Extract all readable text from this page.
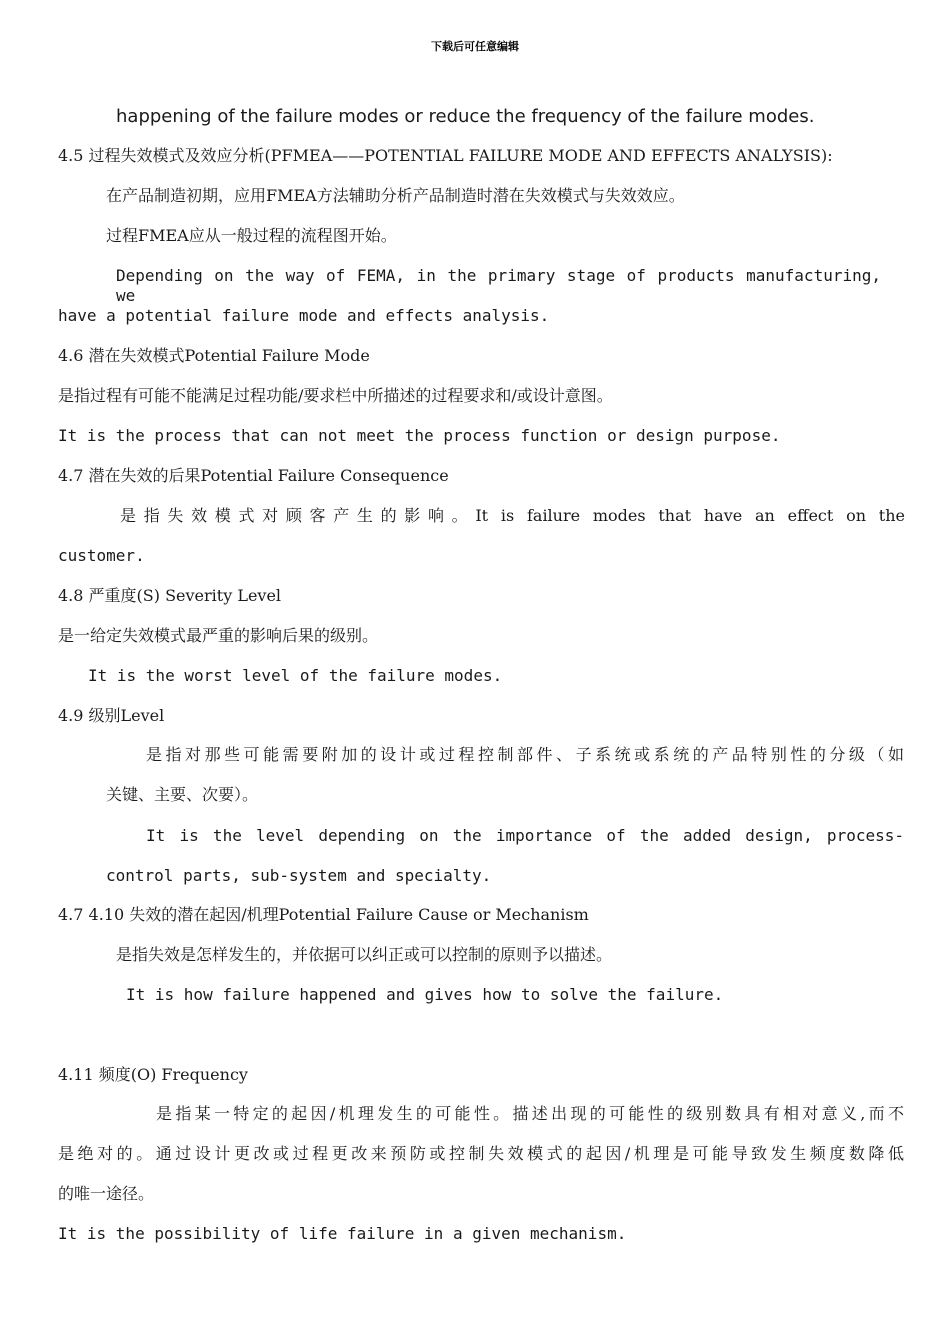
下载后可任意编辑
happening of the failure modes or reduce the frequency of the failure modes.
4.5 过程失效模式及效应分析(PFMEA——POTENTIAL FAILURE MODE AND EFFECTS ANALYSIS):
在产品制造初期，应用FMEA方法辅助分析产品制造时潜在失效模式与失效效应。
过程FMEA应从一般过程的流程图开始。
Depending on the way of FEMA, in the primary stage of products manufacturing, we
have a potential failure mode and effects analysis.
4.6 潜在失效模式Potential Failure Mode
是指过程有可能不能满足过程功能/要求栏中所描述的过程要求和/或设计意图。
It is the process that can not meet the process function or design purpose.
4.7 潜在失效的后果Potential Failure Consequence
是指失效模式对顾客产生的影响。It is failure modes that have an effect on the
customer.
4.8 严重度(S) Severity Level
是一给定失效模式最严重的影响后果的级别。
It is the worst level of the failure modes.
4.9 级别Level
是指对那些可能需要附加的设计或过程控制部件、子系统或系统的产品特别性的分级（如
关键、主要、次要）。
It is the level depending on the importance of the added design, process-
control parts, sub-system and specialty.
4.7 4.10 失效的潜在起因/机理Potential Failure Cause or Mechanism
是指失效是怎样发生的，并依据可以纠正或可以控制的原则予以描述。
It is how failure happened and gives how to solve the failure.
4.11 频度(O) Frequency
是指某一特定的起因/机理发生的可能性。描述出现的可能性的级别数具有相对意义,而不
是绝对的。通过设计更改或过程更改来预防或控制失效模式的起因/机理是可能导致发生频度数降低
的唯一途径。
It is the possibility of life failure in a given mechanism.
